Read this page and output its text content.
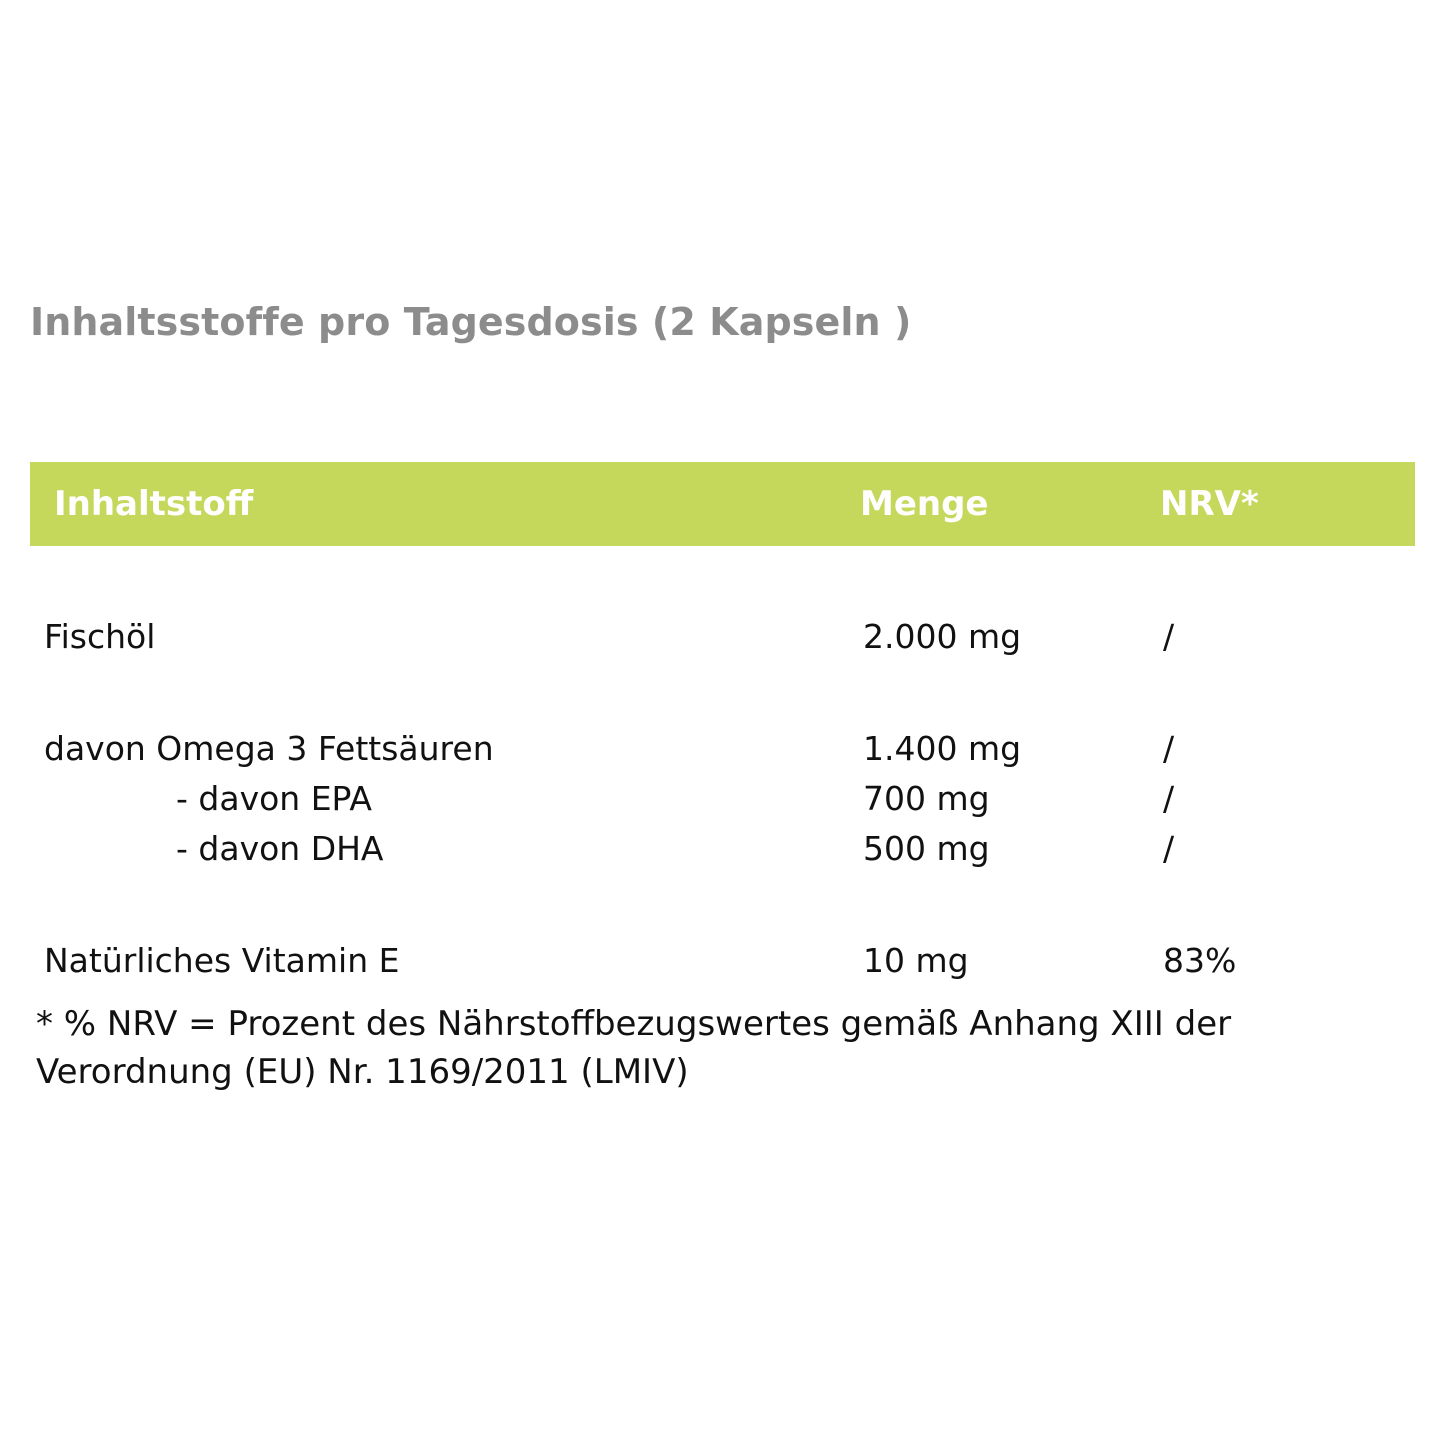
Inhaltsstoffe pro Tagesdosis (2 Kapseln )
Inhaltstoff	Menge	NRV*

Fischöl	2.000 mg	/

davon Omega 3 Fettsäuren	1.400 mg	/
- davon EPA	700 mg	/
- davon DHA	500 mg	/

Natürliches Vitamin E	10 mg	83%
* % NRV = Prozent des Nährstoffbezugswertes gemäß Anhang XIII der Verordnung (EU) Nr. 1169/2011 (LMIV)
